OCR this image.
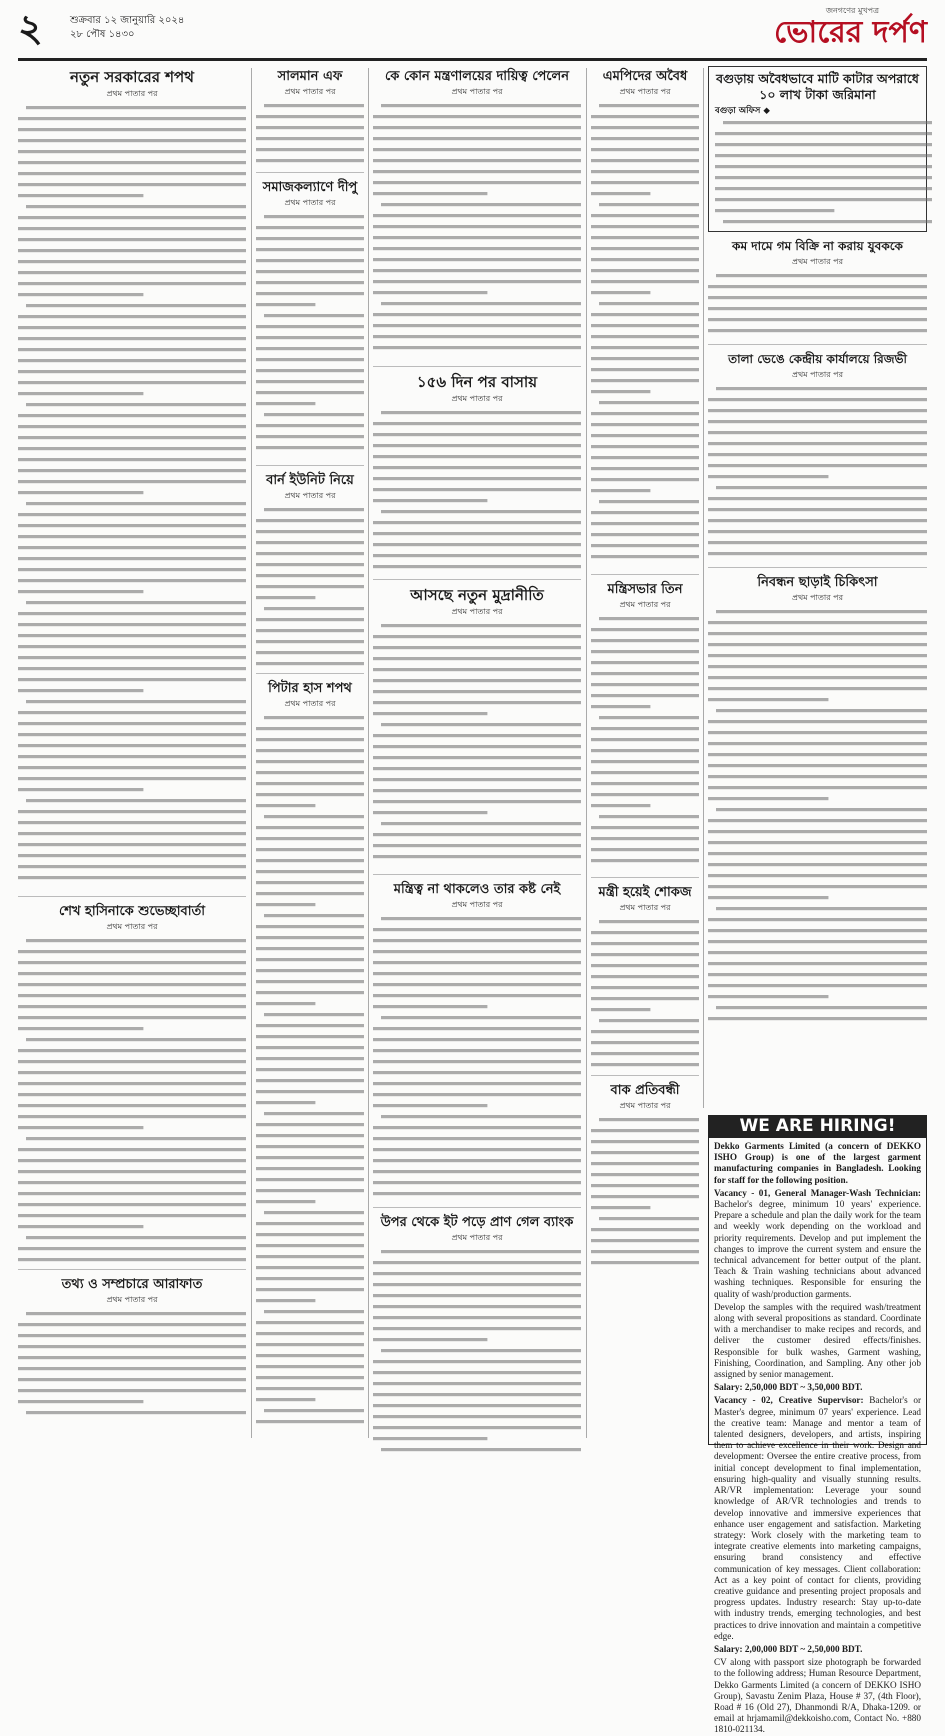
২	শুক্রবার ১২ জানুয়ারি ২০২৪
২৮ পৌষ ১৪৩০
জনগণের মুখপত্র
ভোরের দর্পণ
নতুন সরকারের শপথ
প্রথম পাতার পর
শেখ হাসিনাকে শুভেচ্ছাবার্তা
প্রথম পাতার পর
তথ্য ও সম্প্রচারে আরাফাত
প্রথম পাতার পর
সালমান এফ
প্রথম পাতার পর
সমাজকল্যাণে দীপু
প্রথম পাতার পর
বার্ন ইউনিট নিয়ে
প্রথম পাতার পর
পিটার হাস শপথ
প্রথম পাতার পর
কে কোন মন্ত্রণালয়ের দায়িত্ব পেলেন
প্রথম পাতার পর
১৫৬ দিন পর বাসায়
প্রথম পাতার পর
আসছে নতুন মুদ্রানীতি
প্রথম পাতার পর
মন্ত্রিত্ব না থাকলেও তার কষ্ট নেই
প্রথম পাতার পর
উপর থেকে ইট পড়ে প্রাণ গেল ব্যাংক
প্রথম পাতার পর
এমপিদের অবৈধ
প্রথম পাতার পর
মন্ত্রিসভার তিন
প্রথম পাতার পর
মন্ত্রী হয়েই শোকজ
প্রথম পাতার পর
বাক প্রতিবন্ধী
প্রথম পাতার পর
বগুড়ায় অবৈধভাবে মাটি কাটার অপরাধে ১০ লাখ টাকা জরিমানা
বগুড়া অফিস ◆
কম দামে গম বিক্রি না করায় যুবককে
প্রথম পাতার পর
তালা ভেঙে কেন্দ্রীয় কার্যালয়ে রিজভী
প্রথম পাতার পর
নিবন্ধন ছাড়াই চিকিৎসা
প্রথম পাতার পর
WE ARE HIRING!

Dekko Garments Limited (a concern of DEKKO ISHO Group) is one of the largest garment manufacturing companies in Bangladesh. Looking for staff for the following position.

Vacancy - 01, General Manager-Wash Technician: Bachelor's degree, minimum 10 years' experience. Prepare a schedule and plan the daily work for the team and weekly work depending on the workload and priority requirements. Develop and put implement the changes to improve the current system and ensure the technical advancement for better output of the plant. Teach & Train washing technicians about advanced washing techniques. Responsible for ensuring the quality of wash/production garments.

Develop the samples with the required wash/treatment along with several propositions as standard. Coordinate with a merchandiser to make recipes and records, and deliver the customer desired effects/finishes. Responsible for bulk washes, Garment washing, Finishing, Coordination, and Sampling. Any other job assigned by senior management.

Salary: 2,50,000 BDT ~ 3,50,000 BDT.

Vacancy - 02, Creative Supervisor: Bachelor's or Master's degree, minimum 07 years' experience. Lead the creative team: Manage and mentor a team of talented designers, developers, and artists, inspiring them to achieve excellence in their work. Design and development: Oversee the entire creative process, from initial concept development to final implementation, ensuring high-quality and visually stunning results. AR/VR implementation: Leverage your sound knowledge of AR/VR technologies and trends to develop innovative and immersive experiences that enhance user engagement and satisfaction. Marketing strategy: Work closely with the marketing team to integrate creative elements into marketing campaigns, ensuring brand consistency and effective communication of key messages. Client collaboration: Act as a key point of contact for clients, providing creative guidance and presenting project proposals and progress updates. Industry research: Stay up-to-date with industry trends, emerging technologies, and best practices to drive innovation and maintain a competitive edge.

Salary: 2,00,000 BDT ~ 2,50,000 BDT.

CV along with passport size photograph be forwarded to the following address; Human Resource Department, Dekko Garments Limited (a concern of DEKKO ISHO Group), Savastu Zenim Plaza, House # 37, (4th Floor), Road # 16 (Old 27), Dhanmondi R/A, Dhaka-1209. or email at hrjamamil@dekkoisho.com, Contact No. +880 1810-021134.
